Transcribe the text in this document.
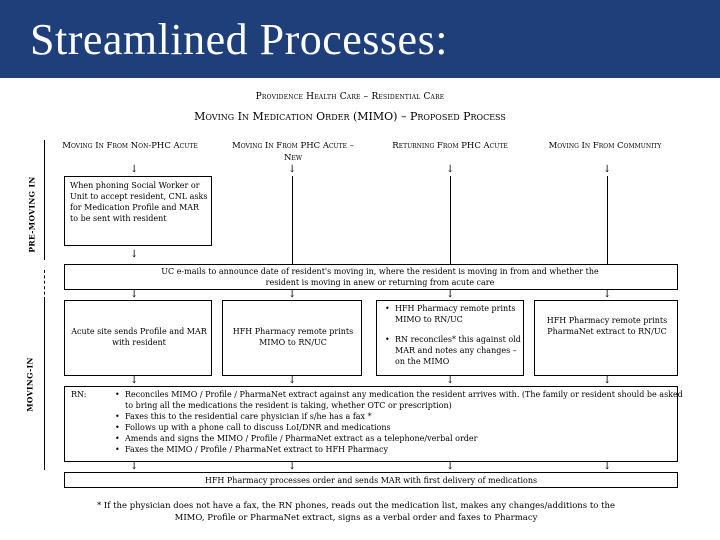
Streamlined Processes:
Providence Health Care – Residential Care
Moving In Medication Order (MIMO) – Proposed Process
Moving In From Non-PHC Acute	Moving In From PHC Acute – New
Returning From PHC Acute	Moving In From Community
PRE-MOVING IN
MOVING-IN
↓	↓	↓	↓
When phoning Social Worker or Unit to accept resident, CNL asks for Medication Profile and MAR to be sent with resident
↓
UC e-mails to announce date of resident's moving in, where the resident is moving in from and whether the resident is moving in anew or returning from acute care
↓	↓	↓	↓
Acute site sends Profile and MAR with resident
HFH Pharmacy remote prints MIMO to RN/UC
• HFH Pharmacy remote prints MIMO to RN/UC
• RN reconciles* this against old MAR and notes any changes – on the MIMO
HFH Pharmacy remote prints PharmaNet extract to RN/UC
↓	↓	↓	↓
RN:
•	Reconciles MIMO / Profile / PharmaNet extract against any medication the resident arrives with. (The family or resident should be asked to bring all the medications the resident is taking, whether OTC or prescription)
• Faxes this to the residential care physician if s/he has a fax *
• Follows up with a phone call to discuss LoI/DNR and medications
• Amends and signs the MIMO / Profile / PharmaNet extract as a telephone/verbal order
• Faxes the MIMO / Profile / PharmaNet extract to HFH Pharmacy
↓	↓	↓	↓
HFH Pharmacy processes order and sends MAR with first delivery of medications
* If the physician does not have a fax, the RN phones, reads out the medication list, makes any changes/additions to the MIMO, Profile or PharmaNet extract, signs as a verbal order and faxes to Pharmacy
